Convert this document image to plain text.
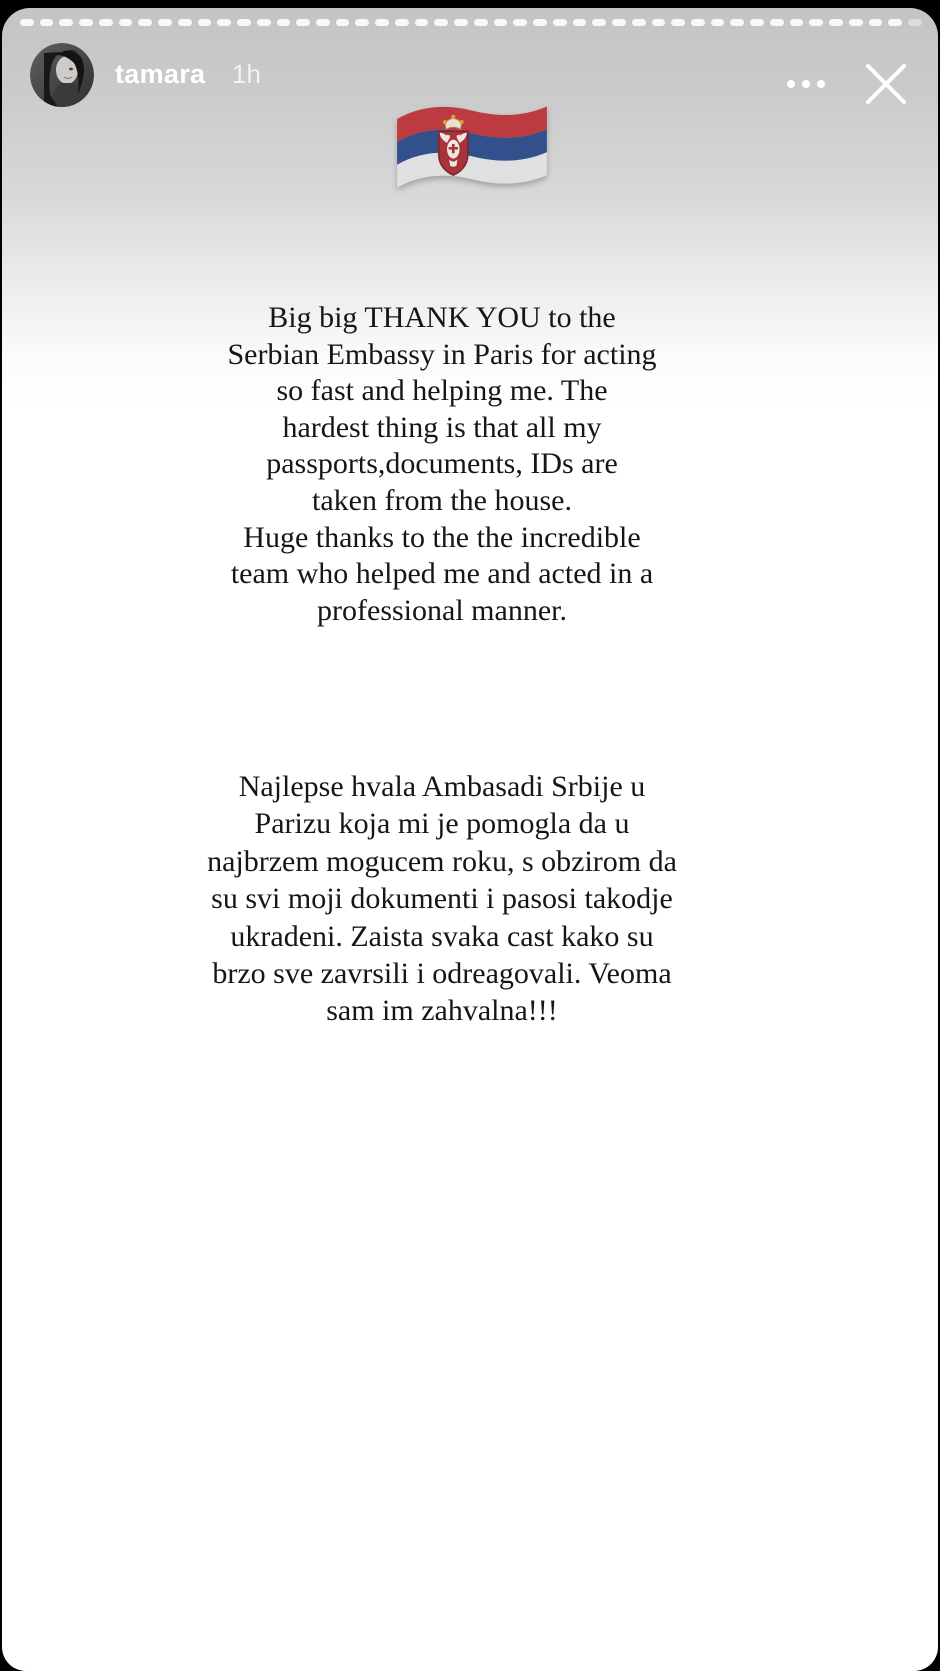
tamara 1h
Big big THANK YOU to the
Serbian Embassy in Paris for acting
so fast and helping me. The
hardest thing is that all my
passports,documents, IDs are
taken from the house.
Huge thanks to the the incredible
team who helped me and acted in a
professional manner.
Najlepse hvala Ambasadi Srbije u
Parizu koja mi je pomogla da u
najbrzem mogucem roku, s obzirom da
su svi moji dokumenti i pasosi takodje
ukradeni. Zaista svaka cast kako su
brzo sve zavrsili i odreagovali. Veoma
sam im zahvalna!!!
